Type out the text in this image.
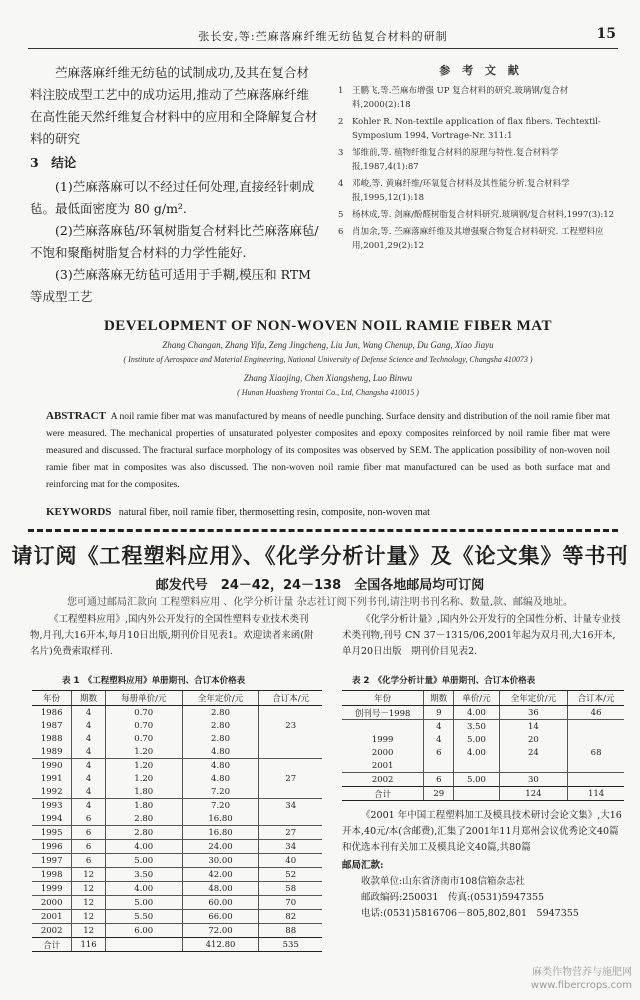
张长安,等:苎麻落麻纤维无纺毡复合材料的研制	15

苎麻落麻纤维无纺毡的试制成功,及其在复合材料注胶成型工艺中的成功运用,推动了苎麻落麻纤维在高性能天然纤维复合材料中的应用和全降解复合材料的研究

3　结论

(1)苎麻落麻可以不经过任何处理,直接经针刺成毡。最低面密度为 80 g/m².

(2)苎麻落麻毡/环氧树脂复合材料比苎麻落麻毡/不饱和聚酯树脂复合材料的力学性能好.

(3)苎麻落麻无纺毡可适用于手糊,模压和 RTM 等成型工艺

参 考 文 献
1 王鹏飞,等.苎麻布增强 UP 复合材料的研究.玻璃钢/复合材料,2000(2):18
2 Kohler R. Non-textile application of flax fibers. Techtextil-Symposium 1994, Vortrage-Nr. 311:1
3 邹维前,等. 植物纤维复合材料的原理与特性.复合材料学报,1987,4(1):87
4 邓峻,等. 黄麻纤维/环氧复合材料及其性能分析.复合材料学报,1995,12(1):18
5 杨林成,等. 剑麻/酚醛树脂复合材料研究.玻璃钢/复合材料,1997(3):12
6 肖加余,等. 苎麻落麻纤维及其增强聚合物复合材料研究. 工程塑料应用,2001,29(2):12
DEVELOPMENT OF NON-WOVEN NOIL RAMIE FIBER MAT
Zhang Changan, Zhang Yifu, Zeng Jingcheng, Liu Jun, Wang Chenup, Du Gang, Xiao Jiayu
( Institute of Aerospace and Material Engineering, National University of Defense Science and Technology, Changsha 410073 )
Zhang Xiaojing, Chen Xiangsheng, Luo Binwu
( Hunan Huasheng Yrontai Co., Ltd, Changsha 410015 )
ABSTRACT A noil ramie fiber mat was manufactured by means of needle punching. Surface density and distribution of the noil ramie fiber mat were measured. The mechanical properties of unsaturated polyester composites and epoxy composites reinforced by noil ramie fiber mat were measured and discussed. The fractural surface morphology of its composites was observed by SEM. The application possibility of non-woven noil ramie fiber mat in composites was also discussed. The non-woven noil ramie fiber mat manufactured can be used as both surface mat and reinforcing mat for the composites.
KEYWORDS natural fiber, noil ramie fiber, thermosetting resin, composite, non-woven mat
请订阅《工程塑料应用》、《化学分析计量》及《论文集》等书刊
邮发代号　24－42，24－138　全国各地邮局均可订阅
您可通过邮局汇款向 工程塑料应用 、化学分析计量 杂志社订阅下列书刊,请注明书刊名称、数量,款、邮编及地址。

《工程塑料应用》,国内外公开发行的全国性塑料专业技术类刊物,月刊,大16开本,每月10日出版,期刊价目见表1。欢迎读者来函(附名片)免费索取样刊.

《化学分析计量》,国内外公开发行的全国性分析、计量专业技术类刊物,刊号 CN 37－1315/06,2001年起为双月刊,大16开本,单月20日出版　期刊价目见表2.

表 1　《工程塑料应用》单册期刊、合订本价格表
年份	期数	每册单价/元	全年定价/元	合订本/元
1986	4	0.70	2.80	
1987	4	0.70	2.80	23
1988	4	0.70	2.80	
1989	4	1.20	4.80	
1990	4	1.20	4.80	
1991	4	1.20	4.80	27
1992	4	1.80	7.20	
1993	4	1.80	7.20	34
1994	6	2.80	16.80	
1995	6	2.80	16.80	27
1996	6	4.00	24.00	34
1997	6	5.00	30.00	40
1998	12	3.50	42.00	52
1999	12	4.00	48.00	58
2000	12	5.00	60.00	70
2001	12	5.50	66.00	82
2002	12	6.00	72.00	88
合计	116		412.80	535
表 2　《化学分析计量》单册期刊、合订本价格表
年份	期数	单价/元	全年定价/元	合订本/元
创刊号－1998	9	4.00	36	46
	4	3.50	14	
1999	4	5.00	20	
2000	6	4.00	24	68
2001				
2002	6	5.00	30	
合计	29		124	114

《2001 年中国工程塑料加工及模具技术研讨会论文集》,大16开本,40元/本(含邮费),汇集了2001年11月郑州会议优秀论文40篇和优选本刊有关加工及模具论文40篇,共80篇

邮局汇款:
收款单位:山东省济南市108信箱杂志社
邮政编码:250031　传真:(0531)5947355
电话:(0531)5816706－805,802,801　5947355
麻类作物营养与施肥网
www.fibercrops.com
